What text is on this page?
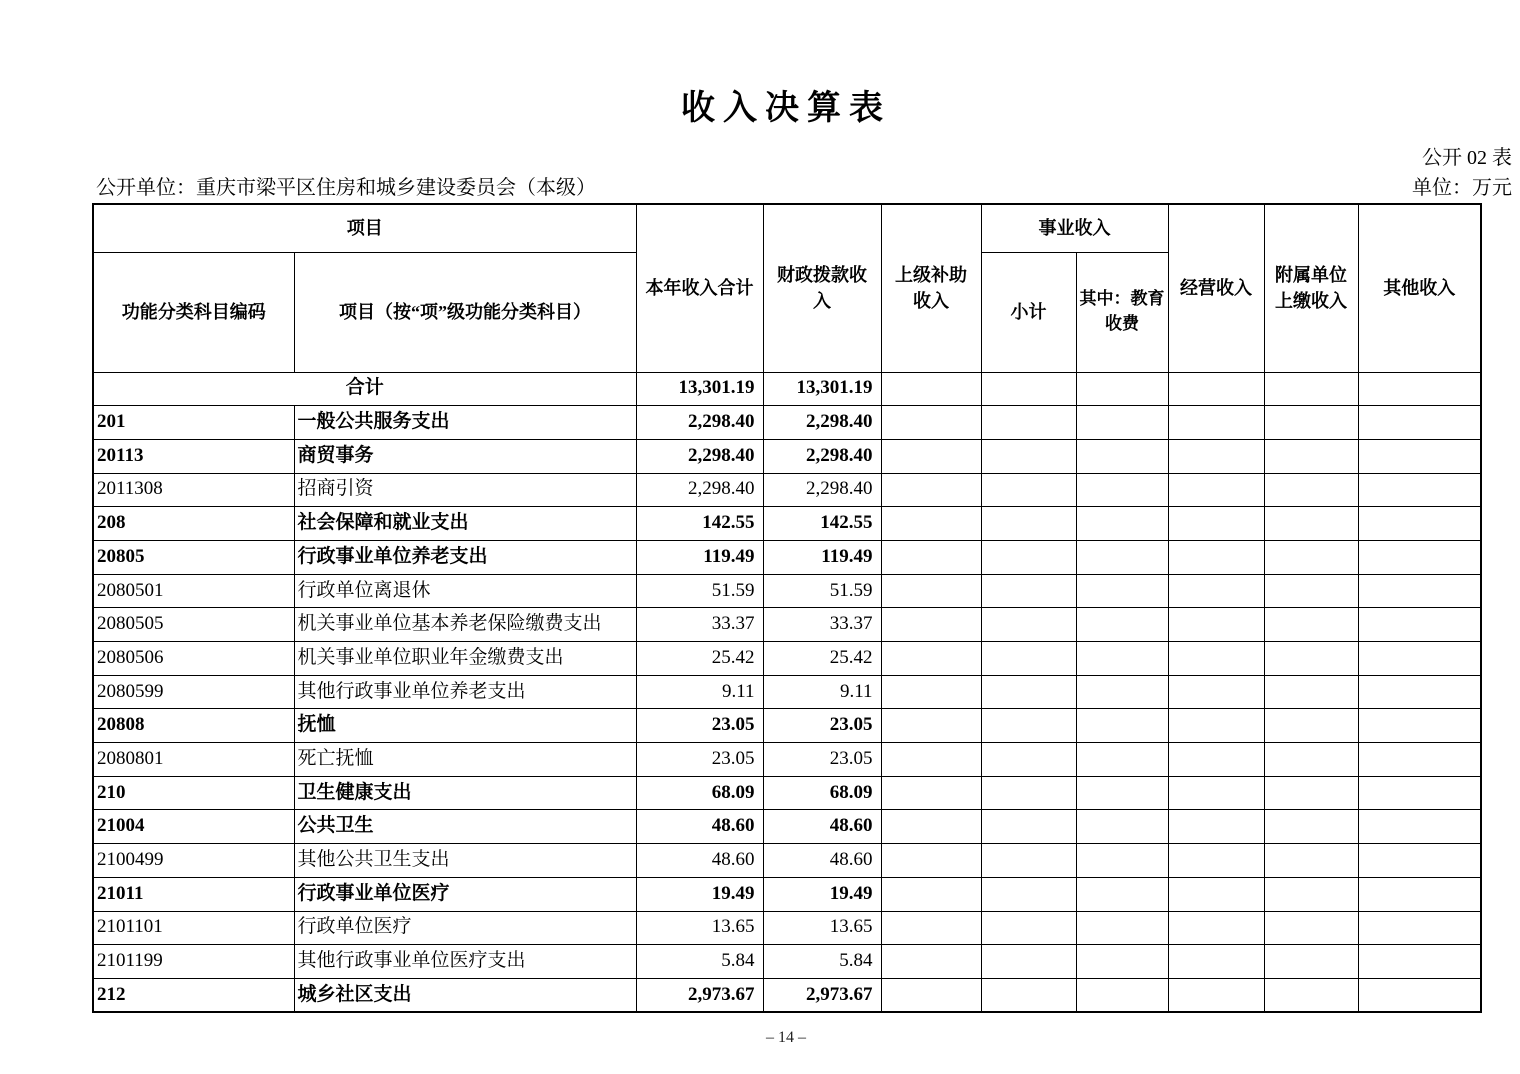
收入决算表
公开 02 表
公开单位：重庆市梁平区住房和城乡建设委员会（本级）	单位：万元
项目		本年收入合计	财政拨款收入	上级补助收入	事业收入		经营收入	附属单位上缴收入	其他收入
功能分类科目编码	项目（按“项”级功能分类科目）				小计	其中：教育收费			
合计		13,301.19	13,301.19						
201	一般公共服务支出	2,298.40	2,298.40						
20113	商贸事务	2,298.40	2,298.40						
2011308	招商引资	2,298.40	2,298.40						
208	社会保障和就业支出	142.55	142.55						
20805	行政事业单位养老支出	119.49	119.49						
2080501	行政单位离退休	51.59	51.59						
2080505	机关事业单位基本养老保险缴费支出	33.37	33.37						
2080506	机关事业单位职业年金缴费支出	25.42	25.42						
2080599	其他行政事业单位养老支出	9.11	9.11						
20808	抚恤	23.05	23.05						
2080801	死亡抚恤	23.05	23.05						
210	卫生健康支出	68.09	68.09						
21004	公共卫生	48.60	48.60						
2100499	其他公共卫生支出	48.60	48.60						
21011	行政事业单位医疗	19.49	19.49						
2101101	行政单位医疗	13.65	13.65						
2101199	其他行政事业单位医疗支出	5.84	5.84						
212	城乡社区支出	2,973.67	2,973.67						
– 14 –
